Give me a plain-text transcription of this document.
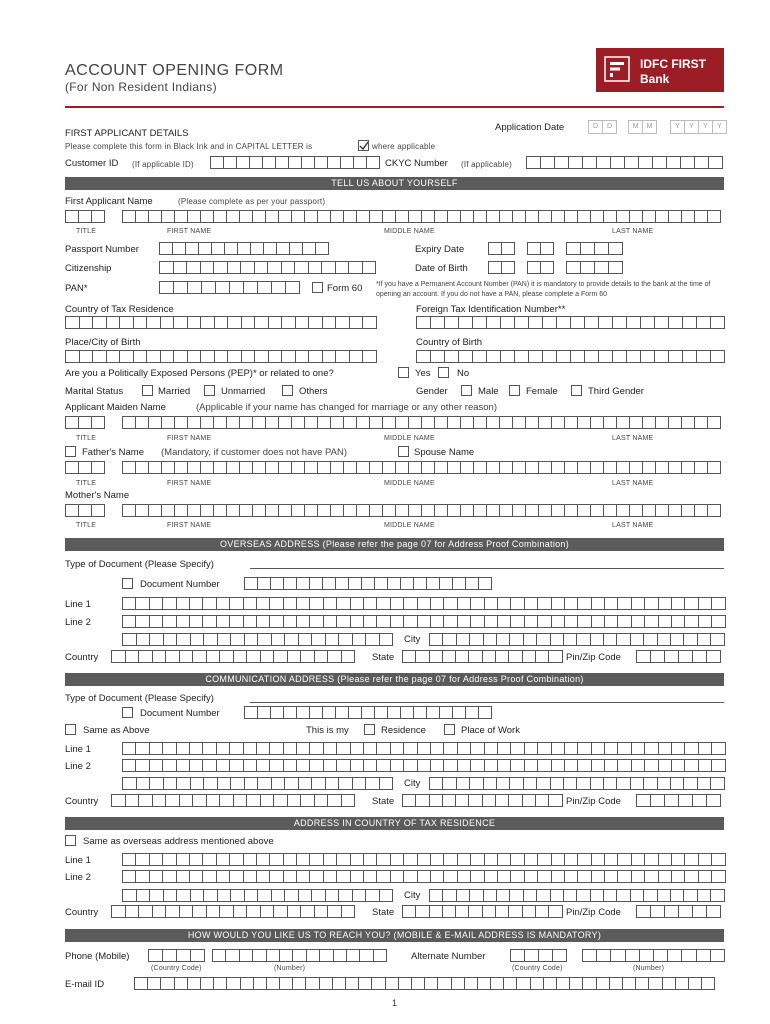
ACCOUNT OPENING FORM
(For Non Resident Indians)
IDFC FIRST
Bank
Application Date	D	D	M	M	Y	Y	Y	Y
FIRST APPLICANT DETAILS
Please complete this form in Black Ink and in CAPITAL LETTER is	where applicable
Customer ID (If applicable ID)	CKYC Number (If applicable)
TELL US ABOUT YOURSELF
First Applicant Name	(Please complete as per your passport)
TITLE	FIRST NAME	MIDDLE NAME	LAST NAME
Passport Number	Expiry Date
Citizenship	Date of Birth
PAN*	Form 60 *If you have a Permanent Account Number (PAN) it is mandatory to provide details to the bank at the time of opening an account. If you do not have a PAN, please complete a Form 60
Country of Tax Residence	Foreign Tax Identification Number**
Place/City of Birth	Country of Birth
Are you a Politically Exposed Persons (PEP)* or related to one?	Yes	No
Marital Status	Married	Unmarried	Others	Gender	Male	Female	Third Gender
Applicant Maiden Name	(Applicable if your name has changed for marriage or any other reason)
TITLE	FIRST NAME	MIDDLE NAME	LAST NAME
Father's Name (Mandatory, if customer does not have PAN)	Spouse Name
TITLE	FIRST NAME	MIDDLE NAME	LAST NAME
Mother's Name
TITLE	FIRST NAME	MIDDLE NAME	LAST NAME
OVERSEAS ADDRESS (Please refer the page 07 for Address Proof Combination)
Type of Document (Please Specify)
Document Number
Line 1
Line 2
City
Country	State	Pin/Zip Code
COMMUNICATION ADDRESS (Please refer the page 07 for Address Proof Combination)
Type of Document (Please Specify)
Document Number
Same as Above	This is my	Residence	Place of Work
Line 1
Line 2
City
Country	State	Pin/Zip Code
ADDRESS IN COUNTRY OF TAX RESIDENCE
Same as overseas address mentioned above
Line 1
Line 2
City
Country	State	Pin/Zip Code
HOW WOULD YOU LIKE US TO REACH YOU? (MOBILE & E-MAIL ADDRESS IS MANDATORY)
Phone (Mobile)
(Country Code)	(Number)
Alternate Number
(Country Code)	(Number)
E-mail ID
1
